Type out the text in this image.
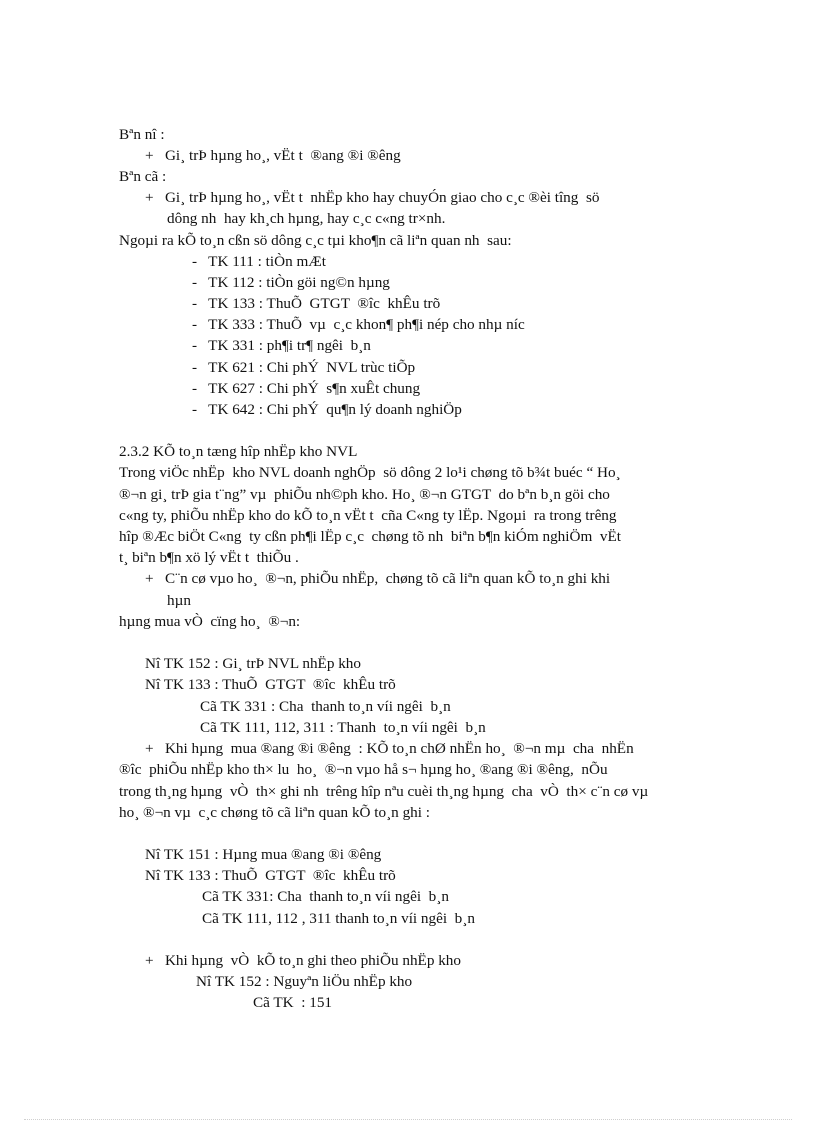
Bªn nî :
+   Gi¸ trÞ hµng ho¸, vËt t  ®ang ®i ®êng
Bªn cã :
+   Gi¸ trÞ hµng ho¸, vËt t  nhËp kho hay chuyÓn giao cho c¸c ®èi tîng  sö
dông nh  hay kh¸ch hµng, hay c¸c c«ng tr×nh.
Ngoµi ra kÕ to¸n cßn sö dông c¸c tµi kho¶n cã liªn quan nh  sau:
-   TK 111 : tiÒn mÆt
-   TK 112 : tiÒn göi ng©n hµng
-   TK 133 : ThuÕ  GTGT  ®îc  khÊu trõ
-   TK 333 : ThuÕ  vµ  c¸c khon¶ ph¶i nép cho nhµ níc
-   TK 331 : ph¶i tr¶ ngêi  b¸n
-   TK 621 : Chi phÝ  NVL trùc tiÕp
-   TK 627 : Chi phÝ  s¶n xuÊt chung
-   TK 642 : Chi phÝ  qu¶n lý doanh nghiÖp
2.3.2 KÕ to¸n tæng hîp nhËp kho NVL
Trong viÖc nhËp  kho NVL doanh nghÖp  sö dông 2 lo¹i chøng tõ b¾t buéc “ Ho¸
®¬n gi¸ trÞ gia t¨ng” vµ  phiÕu nh©ph kho. Ho¸ ®¬n GTGT  do bªn b¸n göi cho
c«ng ty, phiÕu nhËp kho do kÕ to¸n vËt t  cña C«ng ty lËp. Ngoµi  ra trong trêng
hîp ®Æc biÖt C«ng  ty cßn ph¶i lËp c¸c  chøng tõ nh  biªn b¶n kiÓm nghiÖm  vËt
t¸ biªn b¶n xö lý vËt t  thiÕu .
+   C¨n cø vµo ho¸  ®¬n, phiÕu nhËp,  chøng tõ cã liªn quan kÕ to¸n ghi khi
hµn
hµng mua vÒ  cïng ho¸  ®¬n:
Nî TK 152 : Gi¸ trÞ NVL nhËp kho
Nî TK 133 : ThuÕ  GTGT  ®îc  khÊu trõ
Cã TK 331 : Cha  thanh to¸n víi ngêi  b¸n
Cã TK 111, 112, 311 : Thanh  to¸n víi ngêi  b¸n
+   Khi hµng  mua ®ang ®i ®êng  : KÕ to¸n chØ nhËn ho¸  ®¬n mµ  cha  nhËn
®îc  phiÕu nhËp kho th× lu  ho¸  ®¬n vµo hå s¬ hµng ho¸ ®ang ®i ®êng,  nÕu
trong th¸ng hµng  vÒ  th× ghi nh  trêng hîp nªu cuèi th¸ng hµng  cha  vÒ  th× c¨n cø vµ
ho¸ ®¬n vµ  c¸c chøng tõ cã liªn quan kÕ to¸n ghi :
Nî TK 151 : Hµng mua ®ang ®i ®êng
Nî TK 133 : ThuÕ  GTGT  ®îc  khÊu trõ
Cã TK 331: Cha  thanh to¸n víi ngêi  b¸n
Cã TK 111, 112 , 311 thanh to¸n víi ngêi  b¸n
+   Khi hµng  vÒ  kÕ to¸n ghi theo phiÕu nhËp kho
Nî TK 152 : Nguyªn liÖu nhËp kho
Cã TK  : 151
